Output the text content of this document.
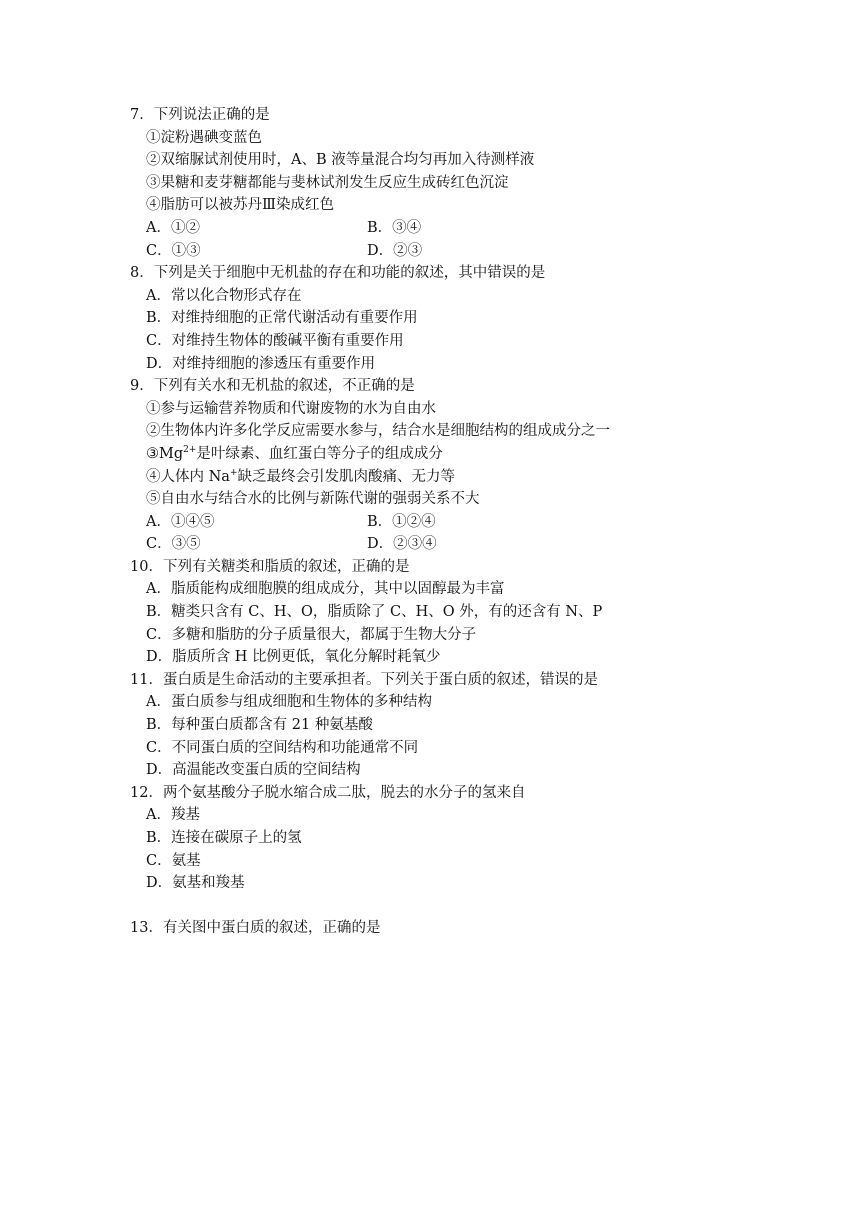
7．下列说法正确的是
①淀粉遇碘变蓝色
②双缩脲试剂使用时，A、B 液等量混合均匀再加入待测样液
③果糖和麦芽糖都能与斐林试剂发生反应生成砖红色沉淀
④脂肪可以被苏丹Ⅲ染成红色
A．①②	B．③④
C．①③	D．②③
8．下列是关于细胞中无机盐的存在和功能的叙述，其中错误的是
A．常以化合物形式存在
B．对维持细胞的正常代谢活动有重要作用
C．对维持生物体的酸碱平衡有重要作用
D．对维持细胞的渗透压有重要作用
9．下列有关水和无机盐的叙述，不正确的是
①参与运输营养物质和代谢废物的水为自由水
②生物体内许多化学反应需要水参与，结合水是细胞结构的组成成分之一
$③Mg^{2+}$是叶绿素、血红蛋白等分子的组成成分
④人体内 Na+缺乏最终会引发肌肉酸痛、无力等
⑤自由水与结合水的比例与新陈代谢的强弱关系不大
A．①④⑤	B．①②④
C．③⑤	D．②③④
10．下列有关糖类和脂质的叙述，正确的是
A．脂质能构成细胞膜的组成成分，其中以固醇最为丰富
B．糖类只含有 C、H、O，脂质除了 C、H、O 外，有的还含有 N、P
C．多糖和脂肪的分子质量很大，都属于生物大分子
D．脂质所含 H 比例更低，氧化分解时耗氧少
11．蛋白质是生命活动的主要承担者。下列关于蛋白质的叙述，错误的是
A．蛋白质参与组成细胞和生物体的多种结构
B．每种蛋白质都含有 21 种氨基酸
C．不同蛋白质的空间结构和功能通常不同
D．高温能改变蛋白质的空间结构
12．两个氨基酸分子脱水缩合成二肽，脱去的水分子的氢来自
A．羧基
B．连接在碳原子上的氢
C．氨基
D．氨基和羧基
13．有关图中蛋白质的叙述，正确的是
